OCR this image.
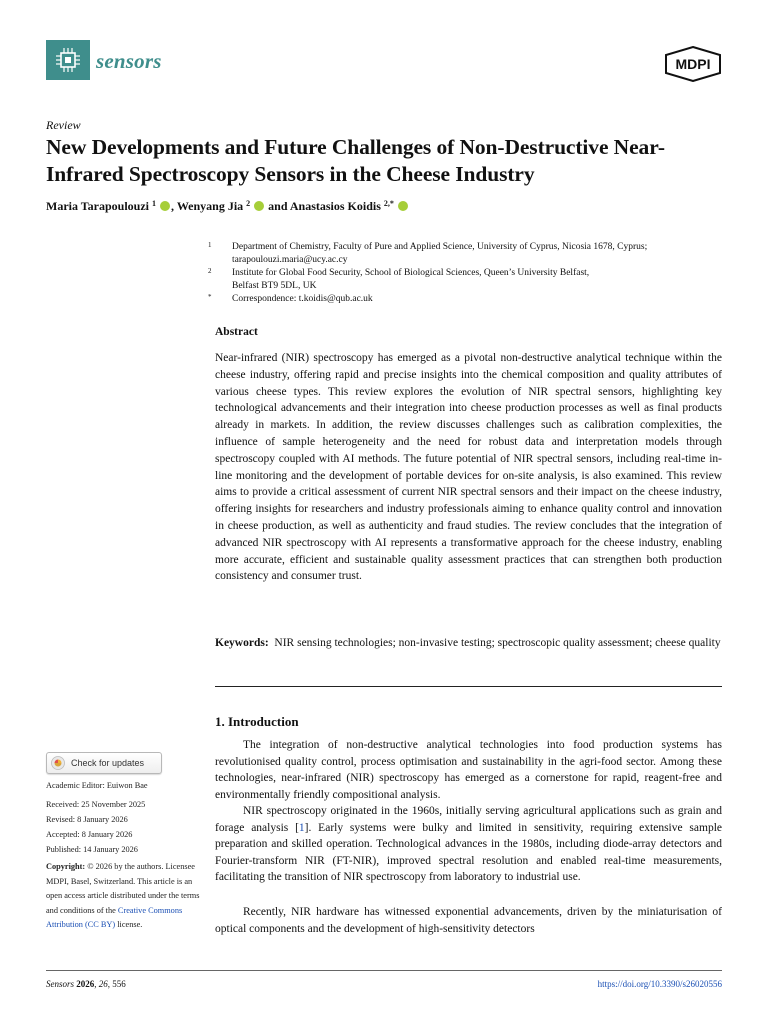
sensors	MDPI
Review
New Developments and Future Challenges of Non-Destructive Near-Infrared Spectroscopy Sensors in the Cheese Industry
Maria Tarapoulouzi $^1$ , Wenyang Jia $^2$  and Anastasios Koidis $^{2,*}$
1 Department of Chemistry, Faculty of Pure and Applied Science, University of Cyprus, Nicosia 1678, Cyprus;
tarapoulouzi.maria@ucy.ac.cy
2 Institute for Global Food Security, School of Biological Sciences, Queen’s University Belfast,
Belfast BT9 5DL, UK
* Correspondence: t.koidis@qub.ac.uk
Abstract

Near-infrared (NIR) spectroscopy has emerged as a pivotal non-destructive analytical technique within the cheese industry, offering rapid and precise insights into the chemical composition and quality attributes of various cheese types. This review explores the evolution of NIR spectral sensors, highlighting key technological advancements and their integration into cheese production processes as well as final products already in markets. In addition, the review discusses challenges such as calibration complexities, the influence of sample heterogeneity and the need for robust data and interpretation models through spectroscopy coupled with AI methods. The future potential of NIR spectral sensors, including real-time in-line monitoring and the development of portable devices for on-site analysis, is also examined. This review aims to provide a critical assessment of current NIR spectral sensors and their impact on the cheese industry, offering insights for researchers and industry professionals aiming to enhance quality control and innovation in cheese production, as well as authenticity and fraud studies. The review concludes that the integration of advanced NIR spectroscopy with AI represents a transformative approach for the cheese industry, enabling more accurate, efficient and sustainable quality assessment practices that can strengthen both production consistency and consumer trust.

Keywords: NIR sensing technologies; non-invasive testing; spectroscopic quality assessment; cheese quality

1. Introduction

The integration of non-destructive analytical technologies into food production systems has revolutionised quality control, process optimisation and sustainability in the agri-food sector. Among these technologies, near-infrared (NIR) spectroscopy has emerged as a cornerstone for rapid, reagent-free and environmentally friendly compositional analysis.

NIR spectroscopy originated in the 1960s, initially serving agricultural applications such as grain and forage analysis [1]. Early systems were bulky and limited in sensitivity, requiring extensive sample preparation and skilled operation. Technological advances in the 1980s, including diode-array detectors and Fourier-transform NIR (FT-NIR), improved spectral resolution and enabled real-time measurements, facilitating the transition of NIR spectroscopy from laboratory to industrial use.

Recently, NIR hardware has witnessed exponential advancements, driven by the miniaturisation of optical components and the development of high-sensitivity detectors

Check for updates
Academic Editor: Euiwon Bae
Received: 25 November 2025
Revised: 8 January 2026
Accepted: 8 January 2026
Published: 14 January 2026
Copyright: © 2026 by the authors. Licensee MDPI, Basel, Switzerland. This article is an open access article distributed under the terms and conditions of the Creative Commons Attribution (CC BY) license.
Sensors 2026, 26, 556	https://doi.org/10.3390/s26020556
